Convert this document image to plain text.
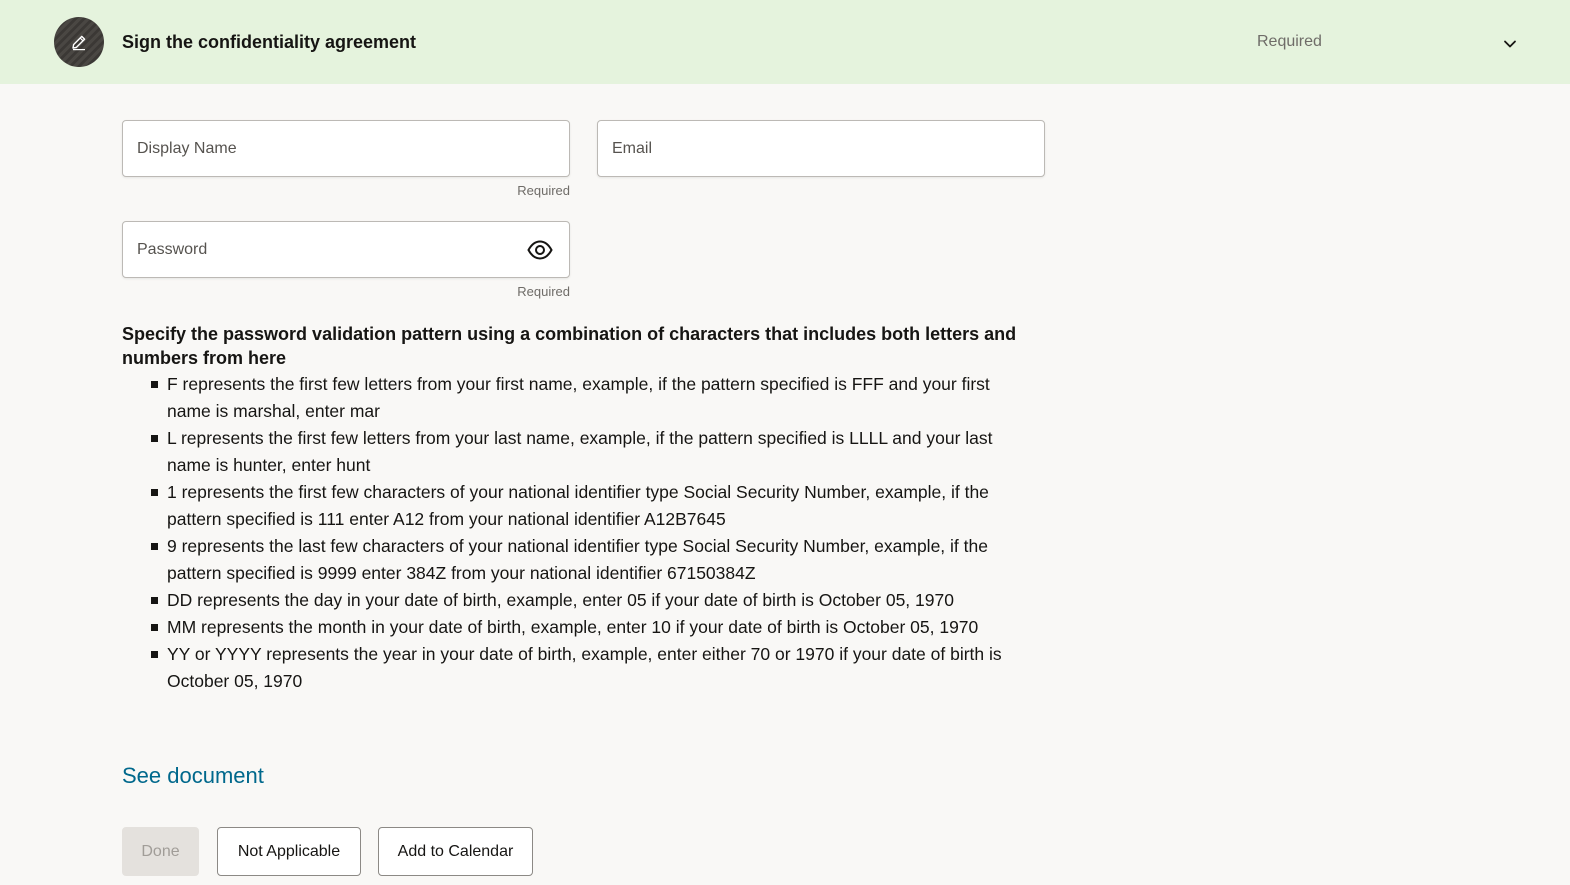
Sign the confidentiality agreement	Required
Display Name
Required
Email
Required
Specify the password validation pattern using a combination of characters that includes both letters and numbers from here
F represents the first few letters from your first name, example, if the pattern specified is FFF and your first name is marshal, enter mar
L represents the first few letters from your last name, example, if the pattern specified is LLLL and your last name is hunter, enter hunt
1 represents the first few characters of your national identifier type Social Security Number, example, if the pattern specified is 111 enter A12 from your national identifier A12B7645
9 represents the last few characters of your national identifier type Social Security Number, example, if the pattern specified is 9999 enter 384Z from your national identifier 67150384Z
DD represents the day in your date of birth, example, enter 05 if your date of birth is October 05, 1970
MM represents the month in your date of birth, example, enter 10 if your date of birth is October 05, 1970
YY or YYYY represents the year in your date of birth, example, enter either 70 or 1970 if your date of birth is October 05, 1970
See document
Done	Not Applicable	Add to Calendar
